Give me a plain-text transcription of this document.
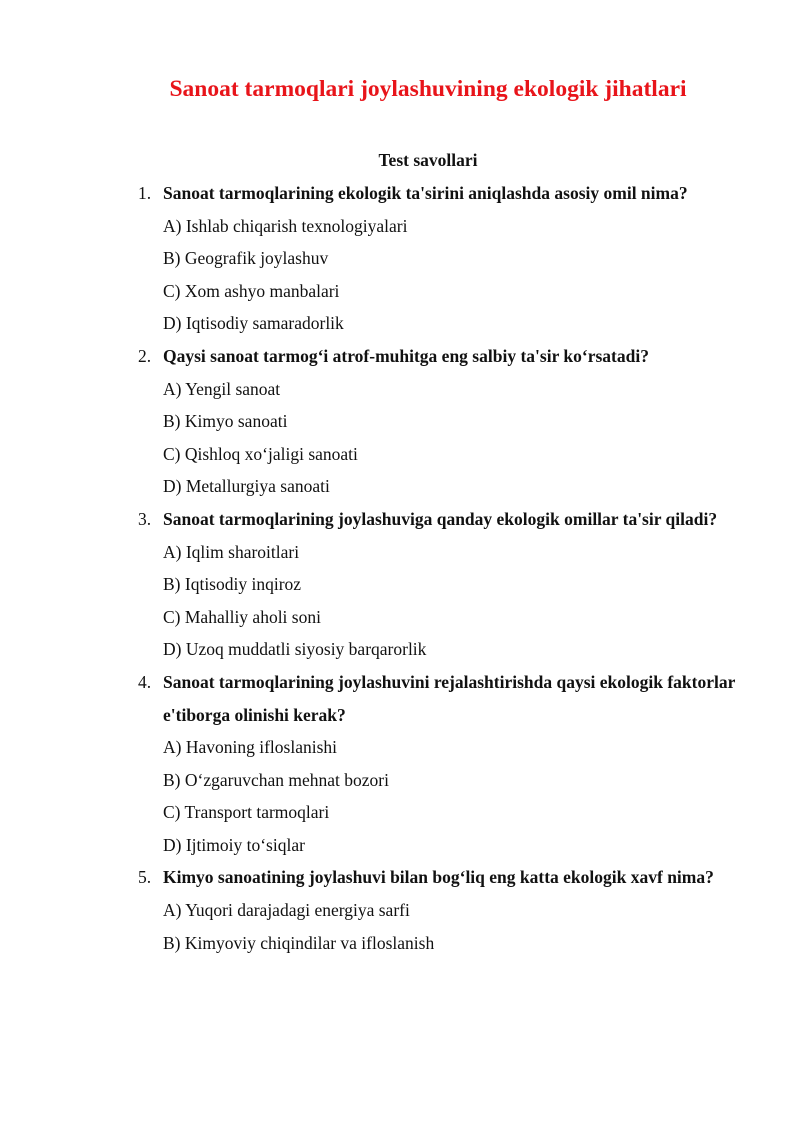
Sanoat tarmoqlari joylashuvining ekologik jihatlari
Test savollari
1. Sanoat tarmoqlarining ekologik ta'sirini aniqlashda asosiy omil nima?

A) Ishlab chiqarish texnologiyalari
B) Geografik joylashuv
C) Xom ashyo manbalari
D) Iqtisodiy samaradorlik
2. Qaysi sanoat tarmog‘i atrof-muhitga eng salbiy ta'sir ko‘rsatadi?

A) Yengil sanoat
B) Kimyo sanoati
C) Qishloq xo‘jaligi sanoati
D) Metallurgiya sanoati
3. Sanoat tarmoqlarining joylashuviga qanday ekologik omillar ta'sir qiladi?

A) Iqlim sharoitlari
B) Iqtisodiy inqiroz
C) Mahalliy aholi soni
D) Uzoq muddatli siyosiy barqarorlik
4. Sanoat tarmoqlarining joylashuvini rejalashtirishda qaysi ekologik faktorlar e'tiborga olinishi kerak?

A) Havoning ifloslanishi
B) O‘zgaruvchan mehnat bozori
C) Transport tarmoqlari
D) Ijtimoiy to‘siqlar
5. Kimyo sanoatining joylashuvi bilan bog‘liq eng katta ekologik xavf nima?

A) Yuqori darajadagi energiya sarfi
B) Kimyoviy chiqindilar va ifloslanish
